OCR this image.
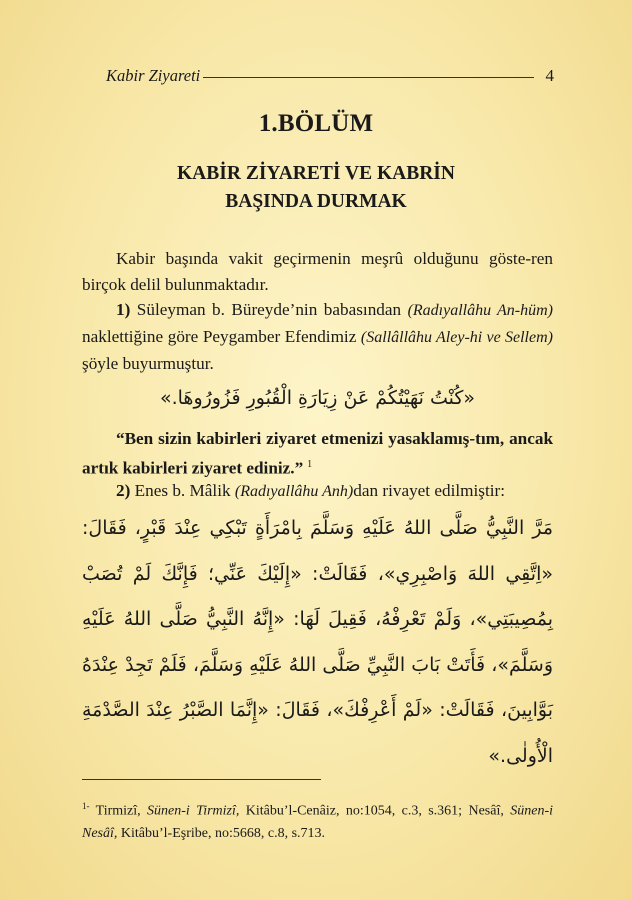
Kabir Ziyareti	4
1.BÖLÜM
KABİR ZİYARETİ VE KABRİN
BAŞINDA DURMAK

Kabir başında vakit geçirmenin meşrû olduğunu göste-ren birçok delil bulunmaktadır.

1) Süleyman b. Büreyde’nin babasından (Radıyallâhu An-hüm) naklettiğine göre Peygamber Efendimiz (Sallâllâhu Aley-hi ve Sellem) şöyle buyurmuştur.

«كُنْتُ نَهَيْتُكُمْ عَنْ زِيَارَةِ الْقُبُورِ فَزُورُوهَا.»

“Ben sizin kabirleri ziyaret etmenizi yasaklamış-tım, ancak artık kabirleri ziyaret ediniz.” $^1$

2) Enes b. Mâlik (Radıyallâhu Anh)dan rivayet edilmiştir:

مَرَّ النَّبِيُّ صَلَّى اللهُ عَلَيْهِ وَسَلَّمَ بِامْرَأَةٍ تَبْكِي عِنْدَ قَبْرٍ، فَقَالَ: «اِتَّقِي اللهَ وَاصْبِرِي»، فَقَالَتْ: «إِلَيْكَ عَنِّي؛ فَإِنَّكَ لَمْ تُصَبْ بِمُصِيبَتِي»، وَلَمْ تَعْرِفْهُ، فَقِيلَ لَهَا: «إِنَّهُ النَّبِيُّ صَلَّى اللهُ عَلَيْهِ وَسَلَّمَ»، فَأَتَتْ بَابَ النَّبِيِّ صَلَّى اللهُ عَلَيْهِ وَسَلَّمَ، فَلَمْ تَجِدْ عِنْدَهُ بَوَّابِينَ، فَقَالَتْ: «لَمْ أَعْرِفْكَ»، فَقَالَ: «إِنَّمَا الصَّبْرُ عِنْدَ الصَّدْمَةِ الْأُولٰى.»

$^{1-}$ Tirmizî, Sünen-i Tirmizî, Kitâbu’l-Cenâiz, no:1054, c.3, s.361; Nesâî, Sünen-i Nesâî, Kitâbu’l-Eşribe, no:5668, c.8, s.713.
